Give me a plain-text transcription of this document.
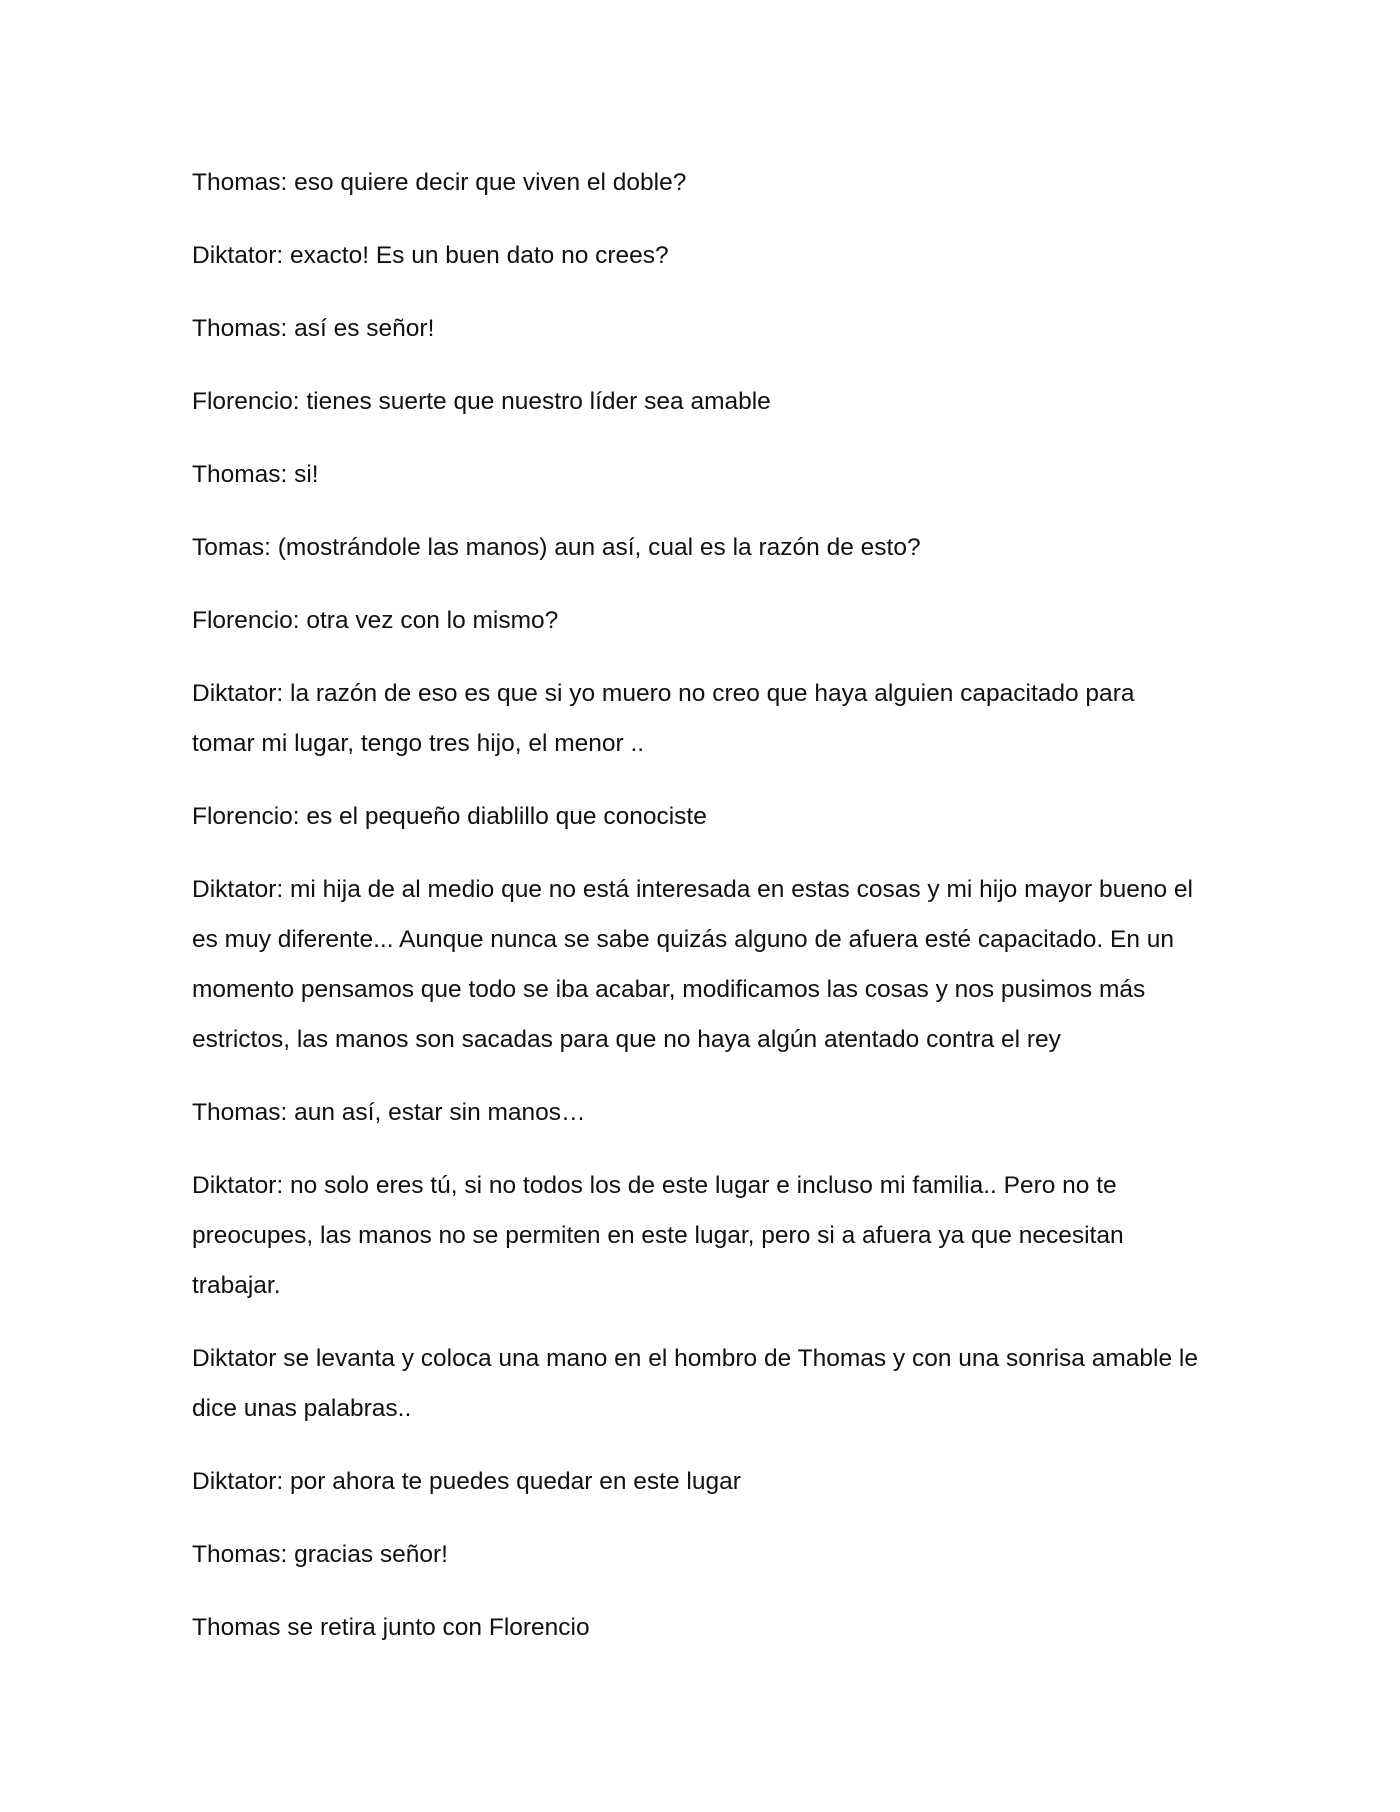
Thomas: eso quiere decir que viven el doble?

Diktator: exacto! Es un buen dato no crees?

Thomas: así es señor!

Florencio: tienes suerte que nuestro líder sea amable

Thomas: si!

Tomas: (mostrándole las manos) aun así, cual es la razón de esto?

Florencio: otra vez con lo mismo?

Diktator: la razón de eso es que si yo muero no creo que haya alguien capacitado para tomar mi lugar, tengo tres hijo, el menor ..

Florencio: es el pequeño diablillo que conociste

Diktator: mi hija de al medio que no está interesada en estas cosas y mi hijo mayor bueno el es muy diferente... Aunque nunca se sabe quizás alguno de afuera esté capacitado. En un momento pensamos que todo se iba acabar, modificamos las cosas y nos pusimos más estrictos, las manos son sacadas para que no haya algún atentado contra el rey

Thomas: aun así, estar sin manos…

Diktator: no solo eres tú, si no todos los de este lugar e incluso mi familia.. Pero no te preocupes, las manos no se permiten en este lugar, pero si a afuera ya que necesitan trabajar.

Diktator se levanta y coloca una mano en el hombro de Thomas y con una sonrisa amable le dice unas palabras..

Diktator: por ahora te puedes quedar en este lugar

Thomas: gracias señor!

Thomas se retira junto con Florencio
